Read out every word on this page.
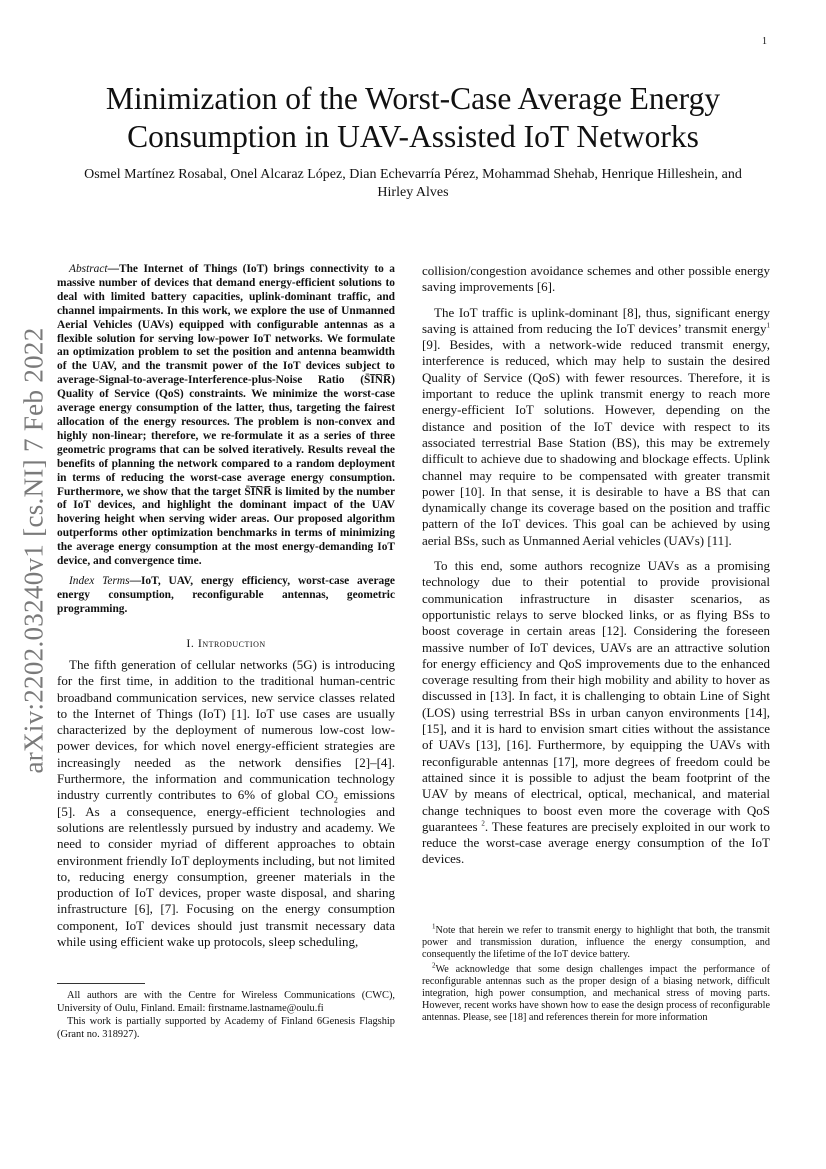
1
arXiv:2202.03240v1 [cs.NI] 7 Feb 2022
Minimization of the Worst-Case Average Energy Consumption in UAV-Assisted IoT Networks

Osmel Martínez Rosabal, Onel Alcaraz López, Dian Echevarría Pérez, Mohammad Shehab, Henrique Hilleshein, and Hirley Alves

Abstract—The Internet of Things (IoT) brings connectivity to a massive number of devices that demand energy-efficient solutions to deal with limited battery capacities, uplink-dominant traffic, and channel impairments. In this work, we explore the use of Unmanned Aerial Vehicles (UAVs) equipped with configurable antennas as a flexible solution for serving low-power IoT networks. We formulate an optimization problem to set the position and antenna beamwidth of the UAV, and the transmit power of the IoT devices subject to average-Signal-to-average-Interference-plus-Noise Ratio (S̄I̅N̅R̅) Quality of Service (QoS) constraints. We minimize the worst-case average energy consumption of the latter, thus, targeting the fairest allocation of the energy resources. The problem is non-convex and highly non-linear; therefore, we re-formulate it as a series of three geometric programs that can be solved iteratively. Results reveal the benefits of planning the network compared to a random deployment in terms of reducing the worst-case average energy consumption. Furthermore, we show that the target S̄I̅N̅R̅ is limited by the number of IoT devices, and highlight the dominant impact of the UAV hovering height when serving wider areas. Our proposed algorithm outperforms other optimization benchmarks in terms of minimizing the average energy consumption at the most energy-demanding IoT device, and convergence time.

Index Terms—IoT, UAV, energy efficiency, worst-case average energy consumption, reconfigurable antennas, geometric programming.

I. Introduction

The fifth generation of cellular networks (5G) is introducing for the first time, in addition to the traditional human-centric broadband communication services, new service classes related to the Internet of Things (IoT) [1]. IoT use cases are usually characterized by the deployment of numerous low-cost low-power devices, for which novel energy-efficient strategies are increasingly needed as the network densifies [2]–[4]. Furthermore, the information and communication technology industry currently contributes to 6% of global $CO_2$ emissions [5]. As a consequence, energy-efficient technologies and solutions are relentlessly pursued by industry and academy. We need to consider myriad of different approaches to obtain environment friendly IoT deployments including, but not limited to, reducing energy consumption, greener materials in the production of IoT devices, proper waste disposal, and sharing infrastructure [6], [7]. Focusing on the energy consumption component, IoT devices should just transmit necessary data while using efficient wake up protocols, sleep scheduling,

All authors are with the Centre for Wireless Communications (CWC), University of Oulu, Finland. Email: firstname.lastname@oulu.fi

This work is partially supported by Academy of Finland 6Genesis Flagship (Grant no. 318927).

collision/congestion avoidance schemes and other possible energy saving improvements [6].

The IoT traffic is uplink-dominant [8], thus, significant energy saving is attained from reducing the IoT devices’ transmit energy$^1$ [9]. Besides, with a network-wide reduced transmit energy, interference is reduced, which may help to sustain the desired Quality of Service (QoS) with fewer resources. Therefore, it is important to reduce the uplink transmit energy to reach more energy-efficient IoT solutions. However, depending on the distance and position of the IoT device with respect to its associated terrestrial Base Station (BS), this may be extremely difficult to achieve due to shadowing and blockage effects. Uplink channel may require to be compensated with greater transmit power [10]. In that sense, it is desirable to have a BS that can dynamically change its coverage based on the position and traffic pattern of the IoT devices. This goal can be achieved by using aerial BSs, such as Unmanned Aerial vehicles (UAVs) [11].

To this end, some authors recognize UAVs as a promising technology due to their potential to provide provisional communication infrastructure in disaster scenarios, as opportunistic relays to serve blocked links, or as flying BSs to boost coverage in certain areas [12]. Considering the foreseen massive number of IoT devices, UAVs are an attractive solution for energy efficiency and QoS improvements due to the enhanced coverage resulting from their high mobility and ability to hover as discussed in [13]. In fact, it is challenging to obtain Line of Sight (LOS) using terrestrial BSs in urban canyon environments [14], [15], and it is hard to envision smart cities without the assistance of UAVs [13], [16]. Furthermore, by equipping the UAVs with reconfigurable antennas [17], more degrees of freedom could be attained since it is possible to adjust the beam footprint of the UAV by means of electrical, optical, mechanical, and material change techniques to boost even more the coverage with QoS guarantees $^2$. These features are precisely exploited in our work to reduce the worst-case average energy consumption of the IoT devices.

$^1$Note that herein we refer to transmit energy to highlight that both, the transmit power and transmission duration, influence the energy consumption, and consequently the lifetime of the IoT device battery.

$^2$We acknowledge that some design challenges impact the performance of reconfigurable antennas such as the proper design of a biasing network, difficult integration, high power consumption, and mechanical stress of moving parts. However, recent works have shown how to ease the design process of reconfigurable antennas. Please, see [18] and references therein for more information
